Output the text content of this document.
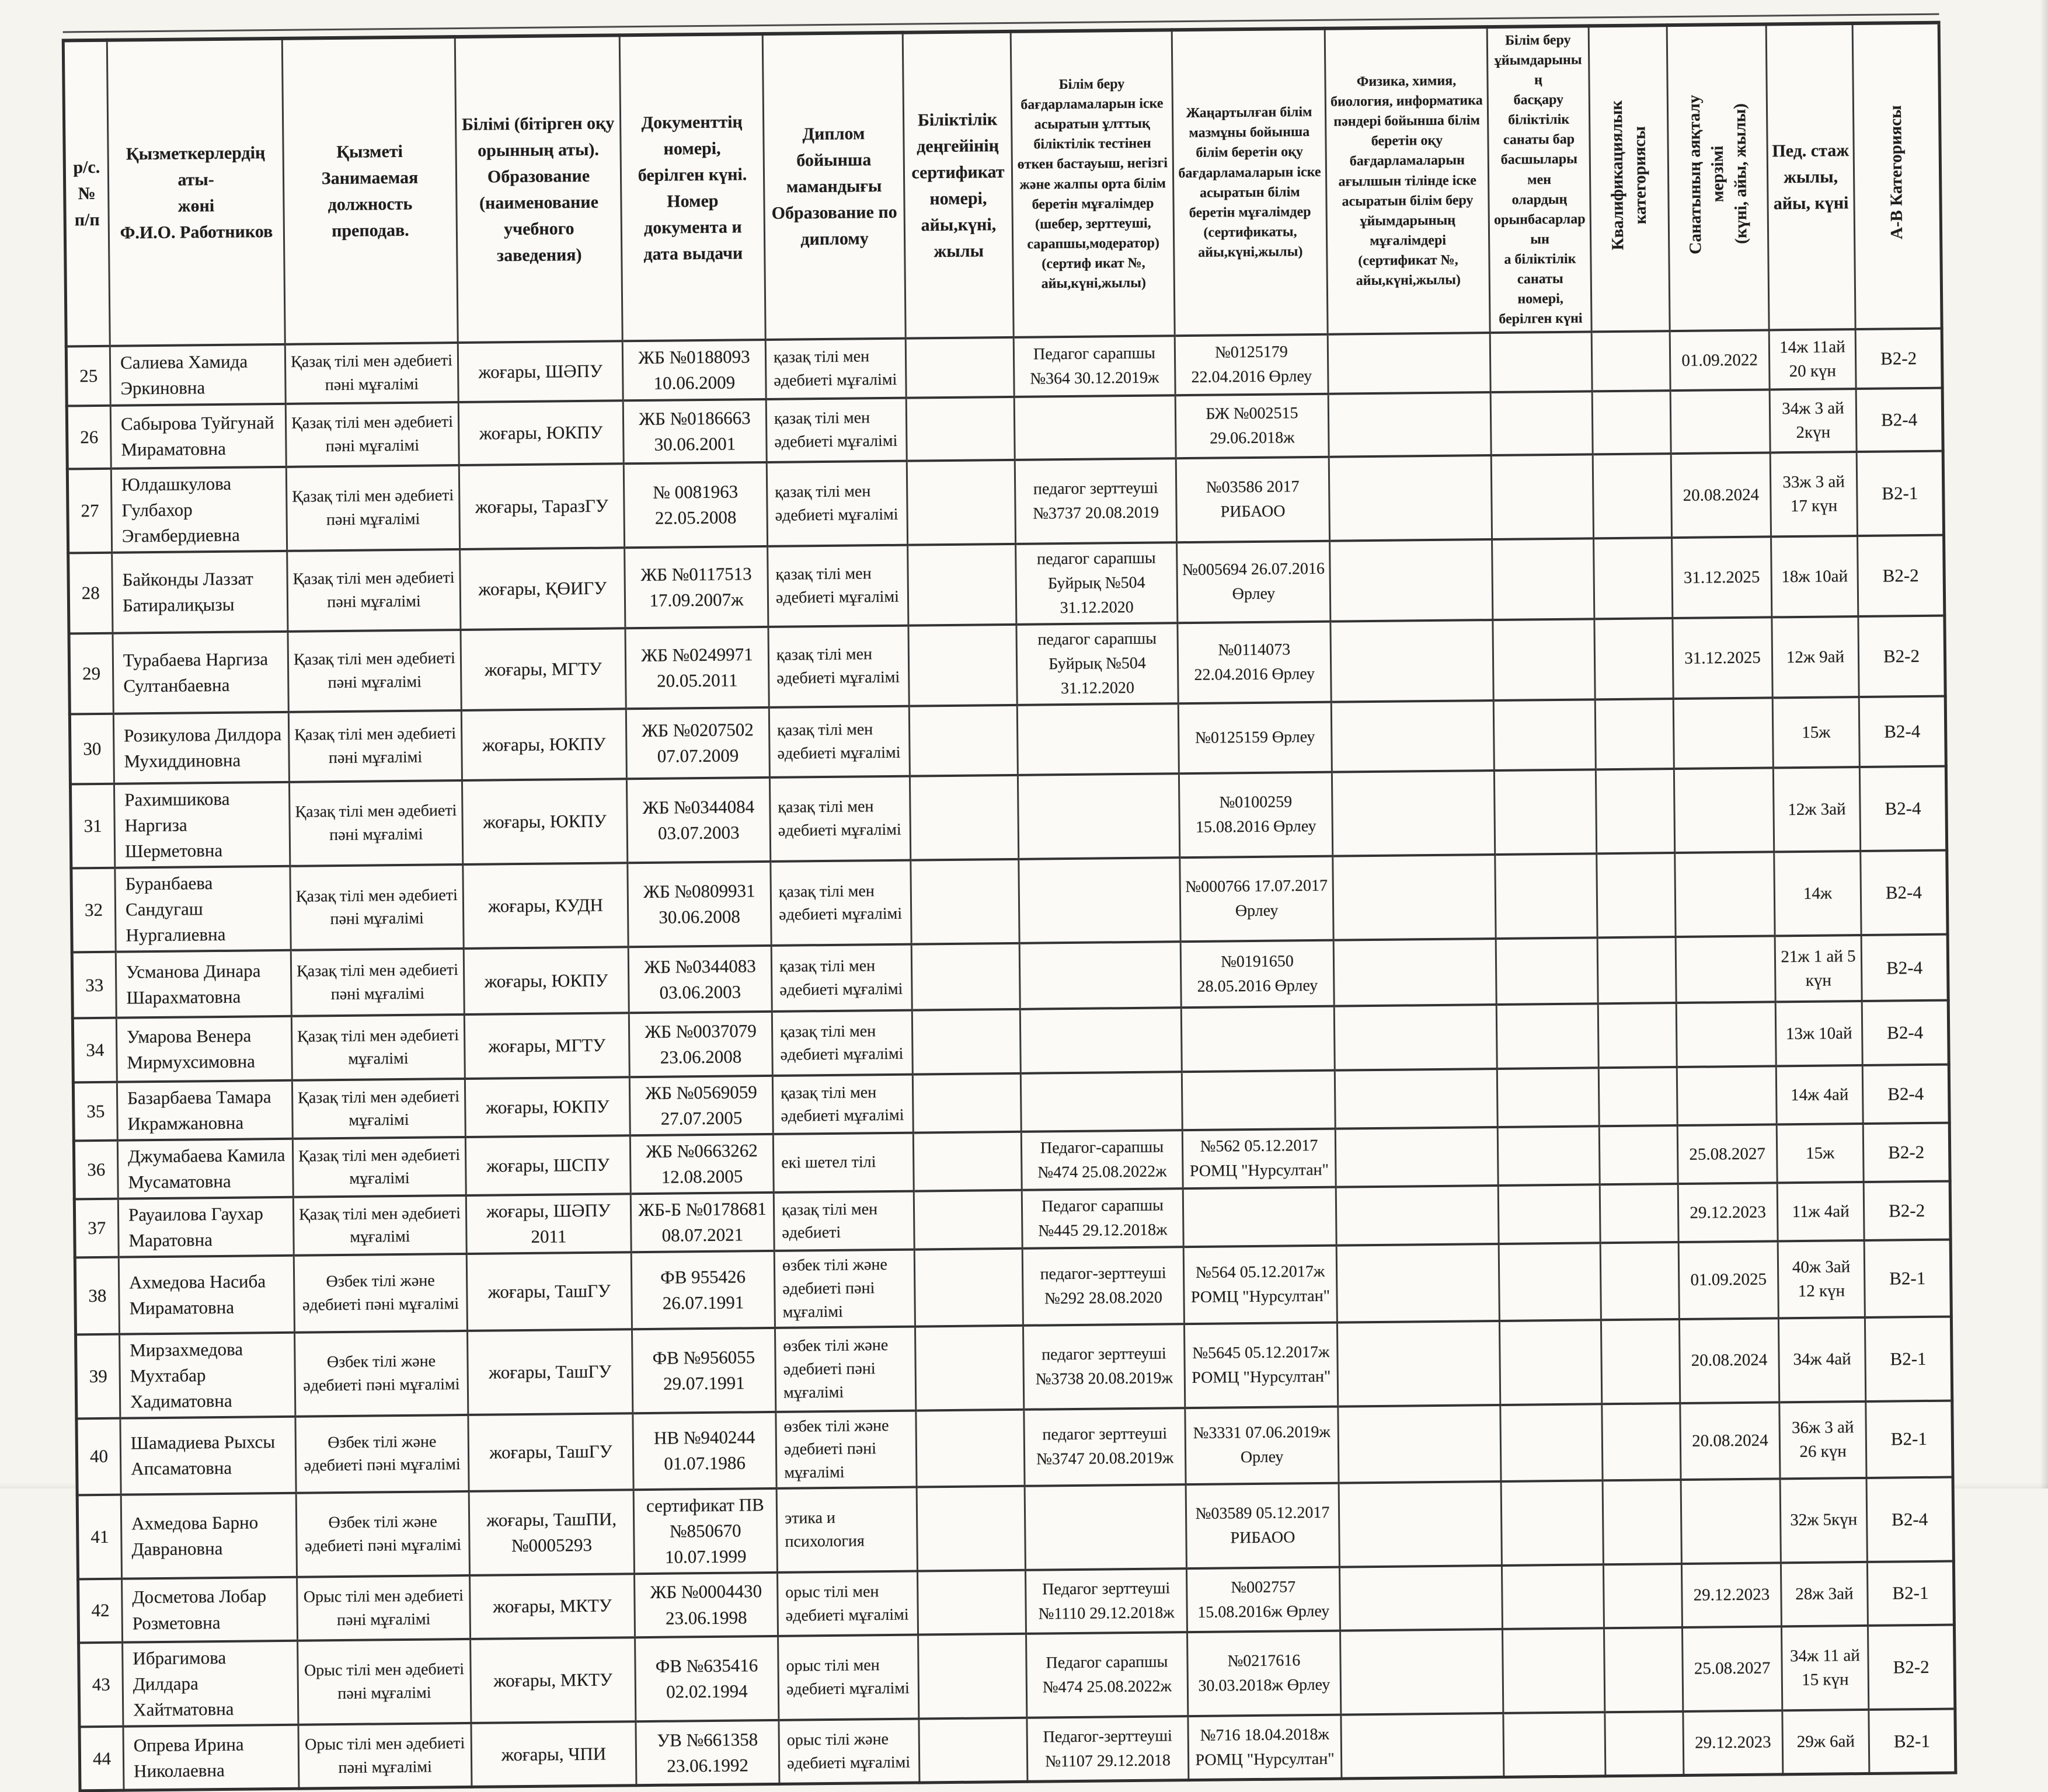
р/с.№
п/п	Қызметкерлердің аты-
жөні
Ф.И.О. Работников	Қызметі
Занимаемая должность
преподав.	Білімі (бітірген оқу
орынның аты).
Образование
(наименование
учебного заведения)	Документтің номері,
берілген күні.
Номер документа и
дата выдачи	Диплом бойынша
мамандығы
Образование по
диплому	Біліктілік
деңгейінің
сертификат
номері,
айы,күні,
жылы	Білім беру бағдарламаларын іске асыратын ұлттық біліктілік тестінен өткен бастауыш, негізгі және жалпы орта білім беретін мұғалімдер (шебер, зерттеуші, сарапшы,модератор)(сертиф икат №, айы,күні,жылы)	Жаңартылған білім мазмұны бойынша білім беретін оқу бағдарламаларын іске асыратын білім беретін мұғалімдер (сертификаты, айы,күні,жылы)	Физика, химия, биология, информатика пәндері бойынша білім беретін оқу бағдарламаларын ағылшын тілінде іске асыратын білім беру ұйымдарының мұғалімдері (сертификат №, айы,күні,жылы)	Білім беру
ұйымдарының
басқару біліктілік
санаты бар
басшылары мен
олардың
орынбасарларын
а біліктілік
санаты номері,
берілген күні	Квалификациялык
категориясы	Санатының аяқталу мерзімі
(күні, айы, жылы)	Пед. стаж
жылы,
айы, күні	А-В Категориясы
25	Салиева Хамида Эркиновна	Қазақ тілі мен әдебиеті пәні мұғалімі	жоғары, ШӘПУ	ЖБ №0188093 10.06.2009	қазақ тілі мен әдебиеті мұғалімі		Педагог сарапшы №364 30.12.2019ж	№0125179 22.04.2016 Өрлеу				01.09.2022	14ж 11ай 20 күн	В2-2
26	Сабырова Туйгунай Мираматовна	Қазақ тілі мен әдебиеті пәні мұғалімі	жоғары, ЮКПУ	ЖБ №0186663 30.06.2001	қазақ тілі мен әдебиеті мұғалімі			БЖ №002515 29.06.2018ж					34ж 3 ай 2күн	В2-4
27	Юлдашкулова Гулбахор Эгамбердиевна	Қазақ тілі мен әдебиеті пәні мұғалімі	жоғары, ТаразГУ	№ 0081963 22.05.2008	қазақ тілі мен әдебиеті мұғалімі		педагог зерттеуші №3737 20.08.2019	№03586 2017 РИБАОО				20.08.2024	33ж 3 ай 17 күн	В2-1
28	Байконды Лаззат Батиралиқызы	Қазақ тілі мен әдебиеті пәні мұғалімі	жоғары, ҚӨИГУ	ЖБ №0117513 17.09.2007ж	қазақ тілі мен әдебиеті мұғалімі		педагог сарапшы Буйрық №504 31.12.2020	№005694 26.07.2016 Өрлеу				31.12.2025	18ж 10ай	В2-2
29	Турабаева Наргиза Султанбаевна	Қазақ тілі мен әдебиеті пәні мұғалімі	жоғары, МГТУ	ЖБ №0249971 20.05.2011	қазақ тілі мен әдебиеті мұғалімі		педагог сарапшы Буйрық №504 31.12.2020	№0114073 22.04.2016 Өрлеу				31.12.2025	12ж 9ай	В2-2
30	Розикулова Дилдора Мухиддиновна	Қазақ тілі мен әдебиеті пәні мұғалімі	жоғары, ЮКПУ	ЖБ №0207502 07.07.2009	қазақ тілі мен әдебиеті мұғалімі			№0125159 Өрлеу					15ж	В2-4
31	Рахимшикова Наргиза Шерметовна	Қазақ тілі мен әдебиеті пәні мұғалімі	жоғары, ЮКПУ	ЖБ №0344084 03.07.2003	қазақ тілі мен әдебиеті мұғалімі			№0100259 15.08.2016 Өрлеу					12ж 3ай	В2-4
32	Буранбаева Сандугаш Нургалиевна	Қазақ тілі мен әдебиеті пәні мұғалімі	жоғары, КУДН	ЖБ №0809931 30.06.2008	қазақ тілі мен әдебиеті мұғалімі			№000766 17.07.2017 Өрлеу					14ж	В2-4
33	Усманова Динара Шарахматовна	Қазақ тілі мен әдебиеті пәні мұғалімі	жоғары, ЮКПУ	ЖБ №0344083 03.06.2003	қазақ тілі мен әдебиеті мұғалімі			№0191650 28.05.2016 Өрлеу					21ж 1 ай 5 күн	В2-4
34	Умарова Венера Мирмухсимовна	Қазақ тілі мен әдебиеті мұғалімі	жоғары, МГТУ	ЖБ №0037079 23.06.2008	қазақ тілі мен әдебиеті мұғалімі								13ж 10ай	В2-4
35	Базарбаева Тамара Икрамжановна	Қазақ тілі мен әдебиеті мұғалімі	жоғары, ЮКПУ	ЖБ №0569059 27.07.2005	қазақ тілі мен әдебиеті мұғалімі								14ж 4ай	В2-4
36	Джумабаева Камила Мусаматовна	Қазақ тілі мен әдебиеті мұғалімі	жоғары, ШСПУ	ЖБ №0663262 12.08.2005	екі шетел тілі		Педагог-сарапшы №474 25.08.2022ж	№562 05.12.2017 РОМЦ "Нурсултан"				25.08.2027	15ж	В2-2
37	Рауаилова Гаухар Маратовна	Қазақ тілі мен әдебиеті мұғалімі	жоғары, ШӘПУ 2011	ЖБ-Б №0178681 08.07.2021	қазақ тілі мен әдебиеті		Педагог сарапшы №445 29.12.2018ж					29.12.2023	11ж 4ай	В2-2
38	Ахмедова Насиба Мираматовна	Өзбек тілі және әдебиеті пәні мұғалімі	жоғары, ТашГУ	ФВ 955426 26.07.1991	өзбек тілі және әдебиеті пәні мұғалімі		педагог-зерттеуші №292 28.08.2020	№564 05.12.2017ж РОМЦ "Нурсултан"				01.09.2025	40ж 3ай 12 күн	В2-1
39	Мирзахмедова Мухтабар Хадиматовна	Өзбек тілі және әдебиеті пәні мұғалімі	жоғары, ТашГУ	ФВ №956055 29.07.1991	өзбек тілі және әдебиеті пәні мұғалімі		педагог зерттеуші №3738 20.08.2019ж	№5645 05.12.2017ж РОМЦ "Нурсултан"				20.08.2024	34ж 4ай	В2-1
40	Шамадиева Рыхсы Апсаматовна	Өзбек тілі және әдебиеті пәні мұғалімі	жоғары, ТашГУ	НВ №940244 01.07.1986	өзбек тілі және әдебиеті пәні мұғалімі		педагог зерттеуші №3747 20.08.2019ж	№3331 07.06.2019ж Орлеу				20.08.2024	36ж 3 ай 26 күн	В2-1
41	Ахмедова Барно Даврановна	Өзбек тілі және әдебиеті пәні мұғалімі	жоғары, ТашПИ, №0005293	сертификат ПВ №850670 10.07.1999	этика и психология			№03589 05.12.2017 РИБАОО					32ж 5күн	В2-4
42	Досметова Лобар Розметовна	Орыс тілі мен әдебиеті пәні мұғалімі	жоғары, МКТУ	ЖБ №0004430 23.06.1998	орыс тілі мен әдебиеті мұғалімі		Педагог зерттеуші №1110 29.12.2018ж	№002757 15.08.2016ж Өрлеу				29.12.2023	28ж 3ай	В2-1
43	Ибрагимова Дилдара Хайтматовна	Орыс тілі мен әдебиеті пәні мұғалімі	жоғары, МКТУ	ФВ №635416 02.02.1994	орыс тілі мен әдебиеті мұғалімі		Педагог сарапшы №474 25.08.2022ж	№0217616 30.03.2018ж Өрлеу				25.08.2027	34ж 11 ай 15 күн	В2-2
44	Опрева Ирина Николаевна	Орыс тілі мен әдебиеті пәні мұғалімі	жоғары, ЧПИ	УВ №661358 23.06.1992	орыс тілі және әдебиеті мұғалімі		Педагог-зерттеуші №1107 29.12.2018	№716 18.04.2018ж РОМЦ "Нурсултан"				29.12.2023	29ж 6ай	В2-1
